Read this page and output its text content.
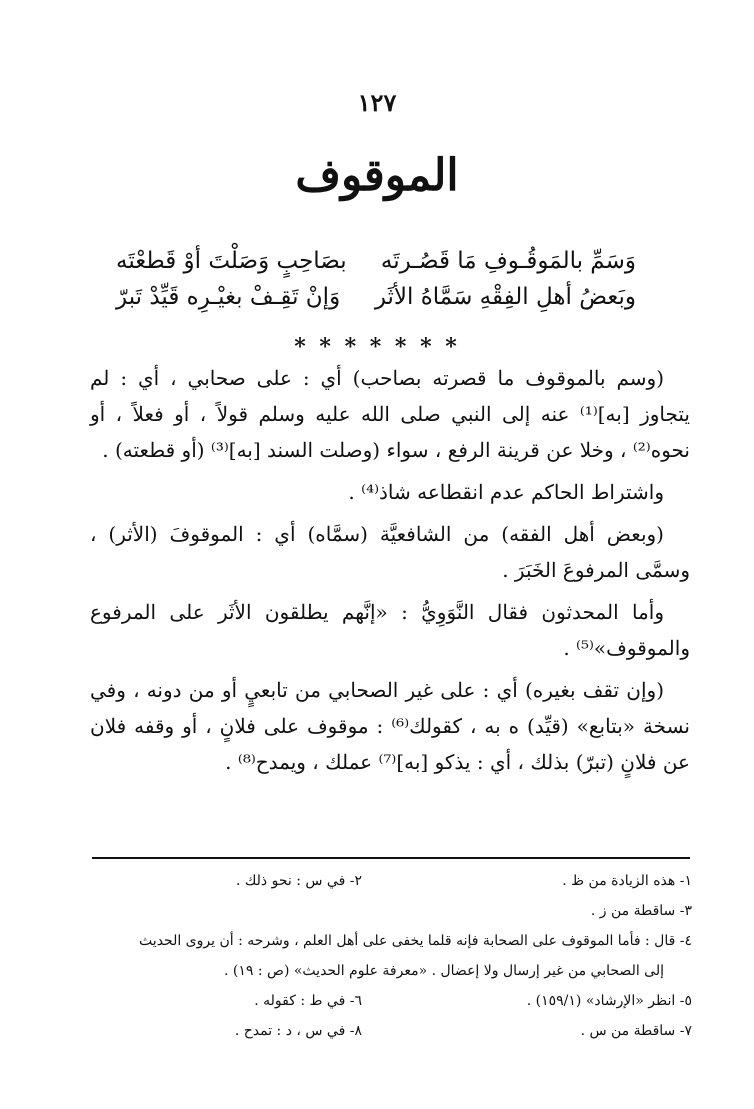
١٢٧
الموقوف
وَسَمِّ بالمَوقُـوفِ مَا قَصُـرتَه
بصَاحِبٍ وَصَلْتَ أوْ قَطعْتَه
وبَعضُ أهلِ الفِقْهِ سَمَّاهُ الأثَر
وَإنْ تَقِـفْ بغيْـرِه قَيِّدْ تَبرّ
* * * * * * *

(وسم بالموقوف ما قصرته بصاحب) أي : على صحابي ، أي : لم يتجاوز [به]⁽¹⁾ عنه إلى النبي صلى الله عليه وسلم قولاً ، أو فعلاً ، أو نحوه⁽²⁾ ، وخلا عن قرينة الرفع ، سواء (وصلت السند [به]⁽³⁾ (أو قطعته) .

واشتراط الحاكم عدم انقطاعه شاذ⁽⁴⁾ .

(وبعض أهل الفقه) من الشافعيَّة (سمَّاه) أي : الموقوفَ (الأثر) ، وسمَّى المرفوعَ الخَبَرَ .

وأما المحدثون فقال النَّوَوِيُّ : «إنَّهم يطلقون الأثَر على المرفوع والموقوف»⁽⁵⁾ .

(وإن تقف بغيره) أي : على غير الصحابي من تابعيٍ أو من دونه ، وفي نسخة «بتابع» (قيِّد) ه به ، كقولك⁽⁶⁾ : موقوف على فلانٍ ، أو وقفه فلان عن فلانٍ (تبرّ) بذلك ، أي : يذكو [به]⁽⁷⁾ عملك ، ويمدح⁽⁸⁾ .

١- هذه الزيادة من ظ .
٢- في س : نحو ذلك .
٣- ساقطة من ز .
٤- قال : فأما الموقوف على الصحابة فإنه قلما يخفى على أهل العلم ، وشرحه : أن يروى الحديث
إلى الصحابي من غير إرسال ولا إعضال . «معرفة علوم الحديث» (ص : ١٩) .
٥- انظر «الإرشاد» (١٥٩/١) .
٦- في ط : كقوله .
٧- ساقطة من س .
٨- في س ، د : تمدح .
